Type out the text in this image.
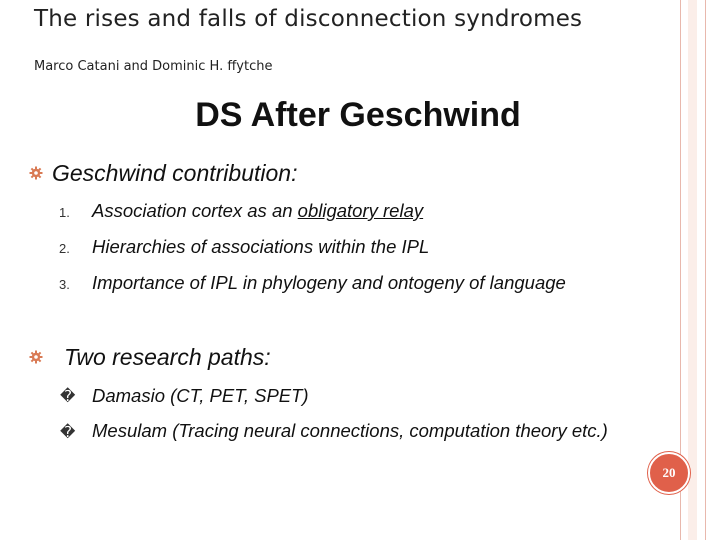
The rises and falls of disconnection syndromes
Marco Catani and Dominic H. ffytche
DS After Geschwind
Geschwind contribution:
1. Association cortex as an obligatory relay
2. Hierarchies of associations within the IPL
3. Importance of IPL in phylogeny and ontogeny of language
Two research paths:
� Damasio (CT, PET, SPET)
� Mesulam (Tracing neural connections, computation theory etc.)
20
